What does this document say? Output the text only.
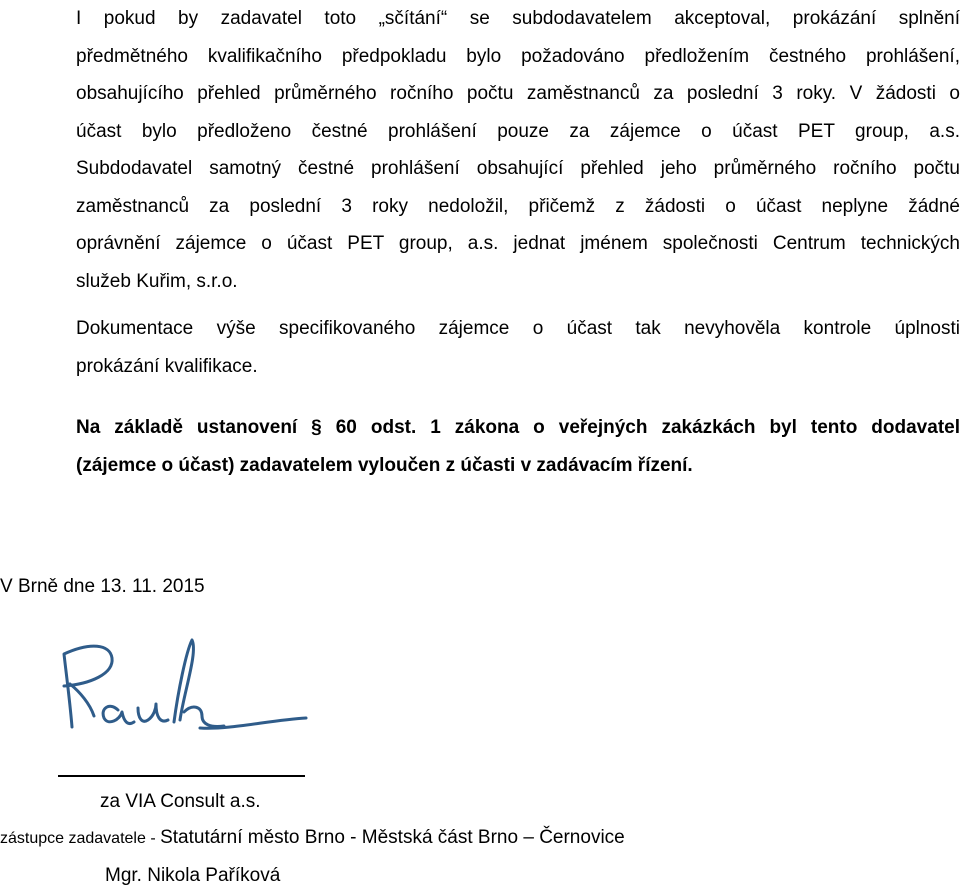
I pokud by zadavatel toto „sčítání“ se subdodavatelem akceptoval, prokázání splnění
předmětného kvalifikačního předpokladu bylo požadováno předložením čestného prohlášení,
obsahujícího přehled průměrného ročního počtu zaměstnanců za poslední 3 roky. V žádosti o
účast bylo předloženo čestné prohlášení pouze za zájemce o účast PET group, a.s.
Subdodavatel samotný čestné prohlášení obsahující přehled jeho průměrného ročního počtu
zaměstnanců za poslední 3 roky nedoložil, přičemž z žádosti o účast neplyne žádné
oprávnění zájemce o účast PET group, a.s. jednat jménem společnosti Centrum technických
služeb Kuřim, s.r.o.
Dokumentace výše specifikovaného zájemce o účast tak nevyhověla kontrole úplnosti
prokázání kvalifikace.
Na základě ustanovení § 60 odst. 1 zákona o veřejných zakázkách byl tento dodavatel
(zájemce o účast) zadavatelem vyloučen z účasti v zadávacím řízení.
V Brně dne 13. 11. 2015
za VIA Consult a.s.
zástupce zadavatele - Statutární město Brno - Městská část Brno – Černovice
Mgr. Nikola Paříková
